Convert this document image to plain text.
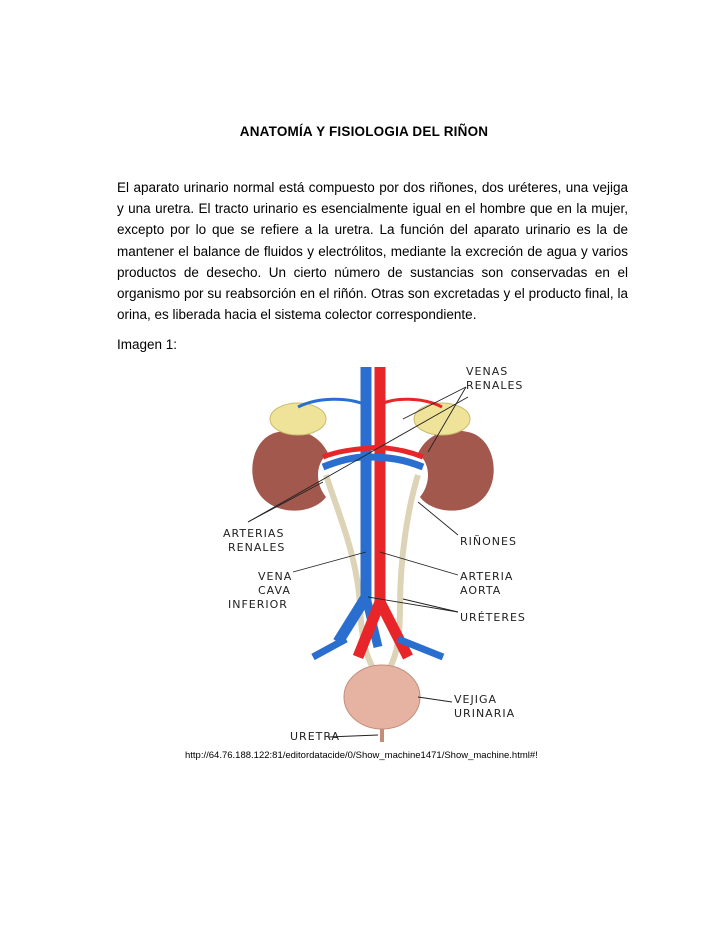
ANATOMÍA Y FISIOLOGIA DEL RIÑON

El aparato urinario normal está compuesto por dos riñones, dos uréteres, una vejiga y una uretra. El tracto urinario es esencialmente igual en el hombre que en la mujer, excepto por lo que se refiere a la uretra. La función del aparato urinario es la de mantener el balance de fluidos y electrólitos, mediante la excreción de agua y varios productos de desecho. Un cierto número de sustancias son conservadas en el organismo por su reabsorción en el riñón. Otras son excretadas y el producto final, la orina, es liberada hacia el sistema colector correspondiente.

Imagen 1:
VENAS
RENALES
ARTERIAS
RENALES	RIÑONES
VENA
CAVA
INFERIOR
ARTERIA
AORTA
URÉTERES
VEJIGA
URINARIA
URETRA
http://64.76.188.122:81/editordatacide/0/Show_machine1471/Show_machine.html#!
